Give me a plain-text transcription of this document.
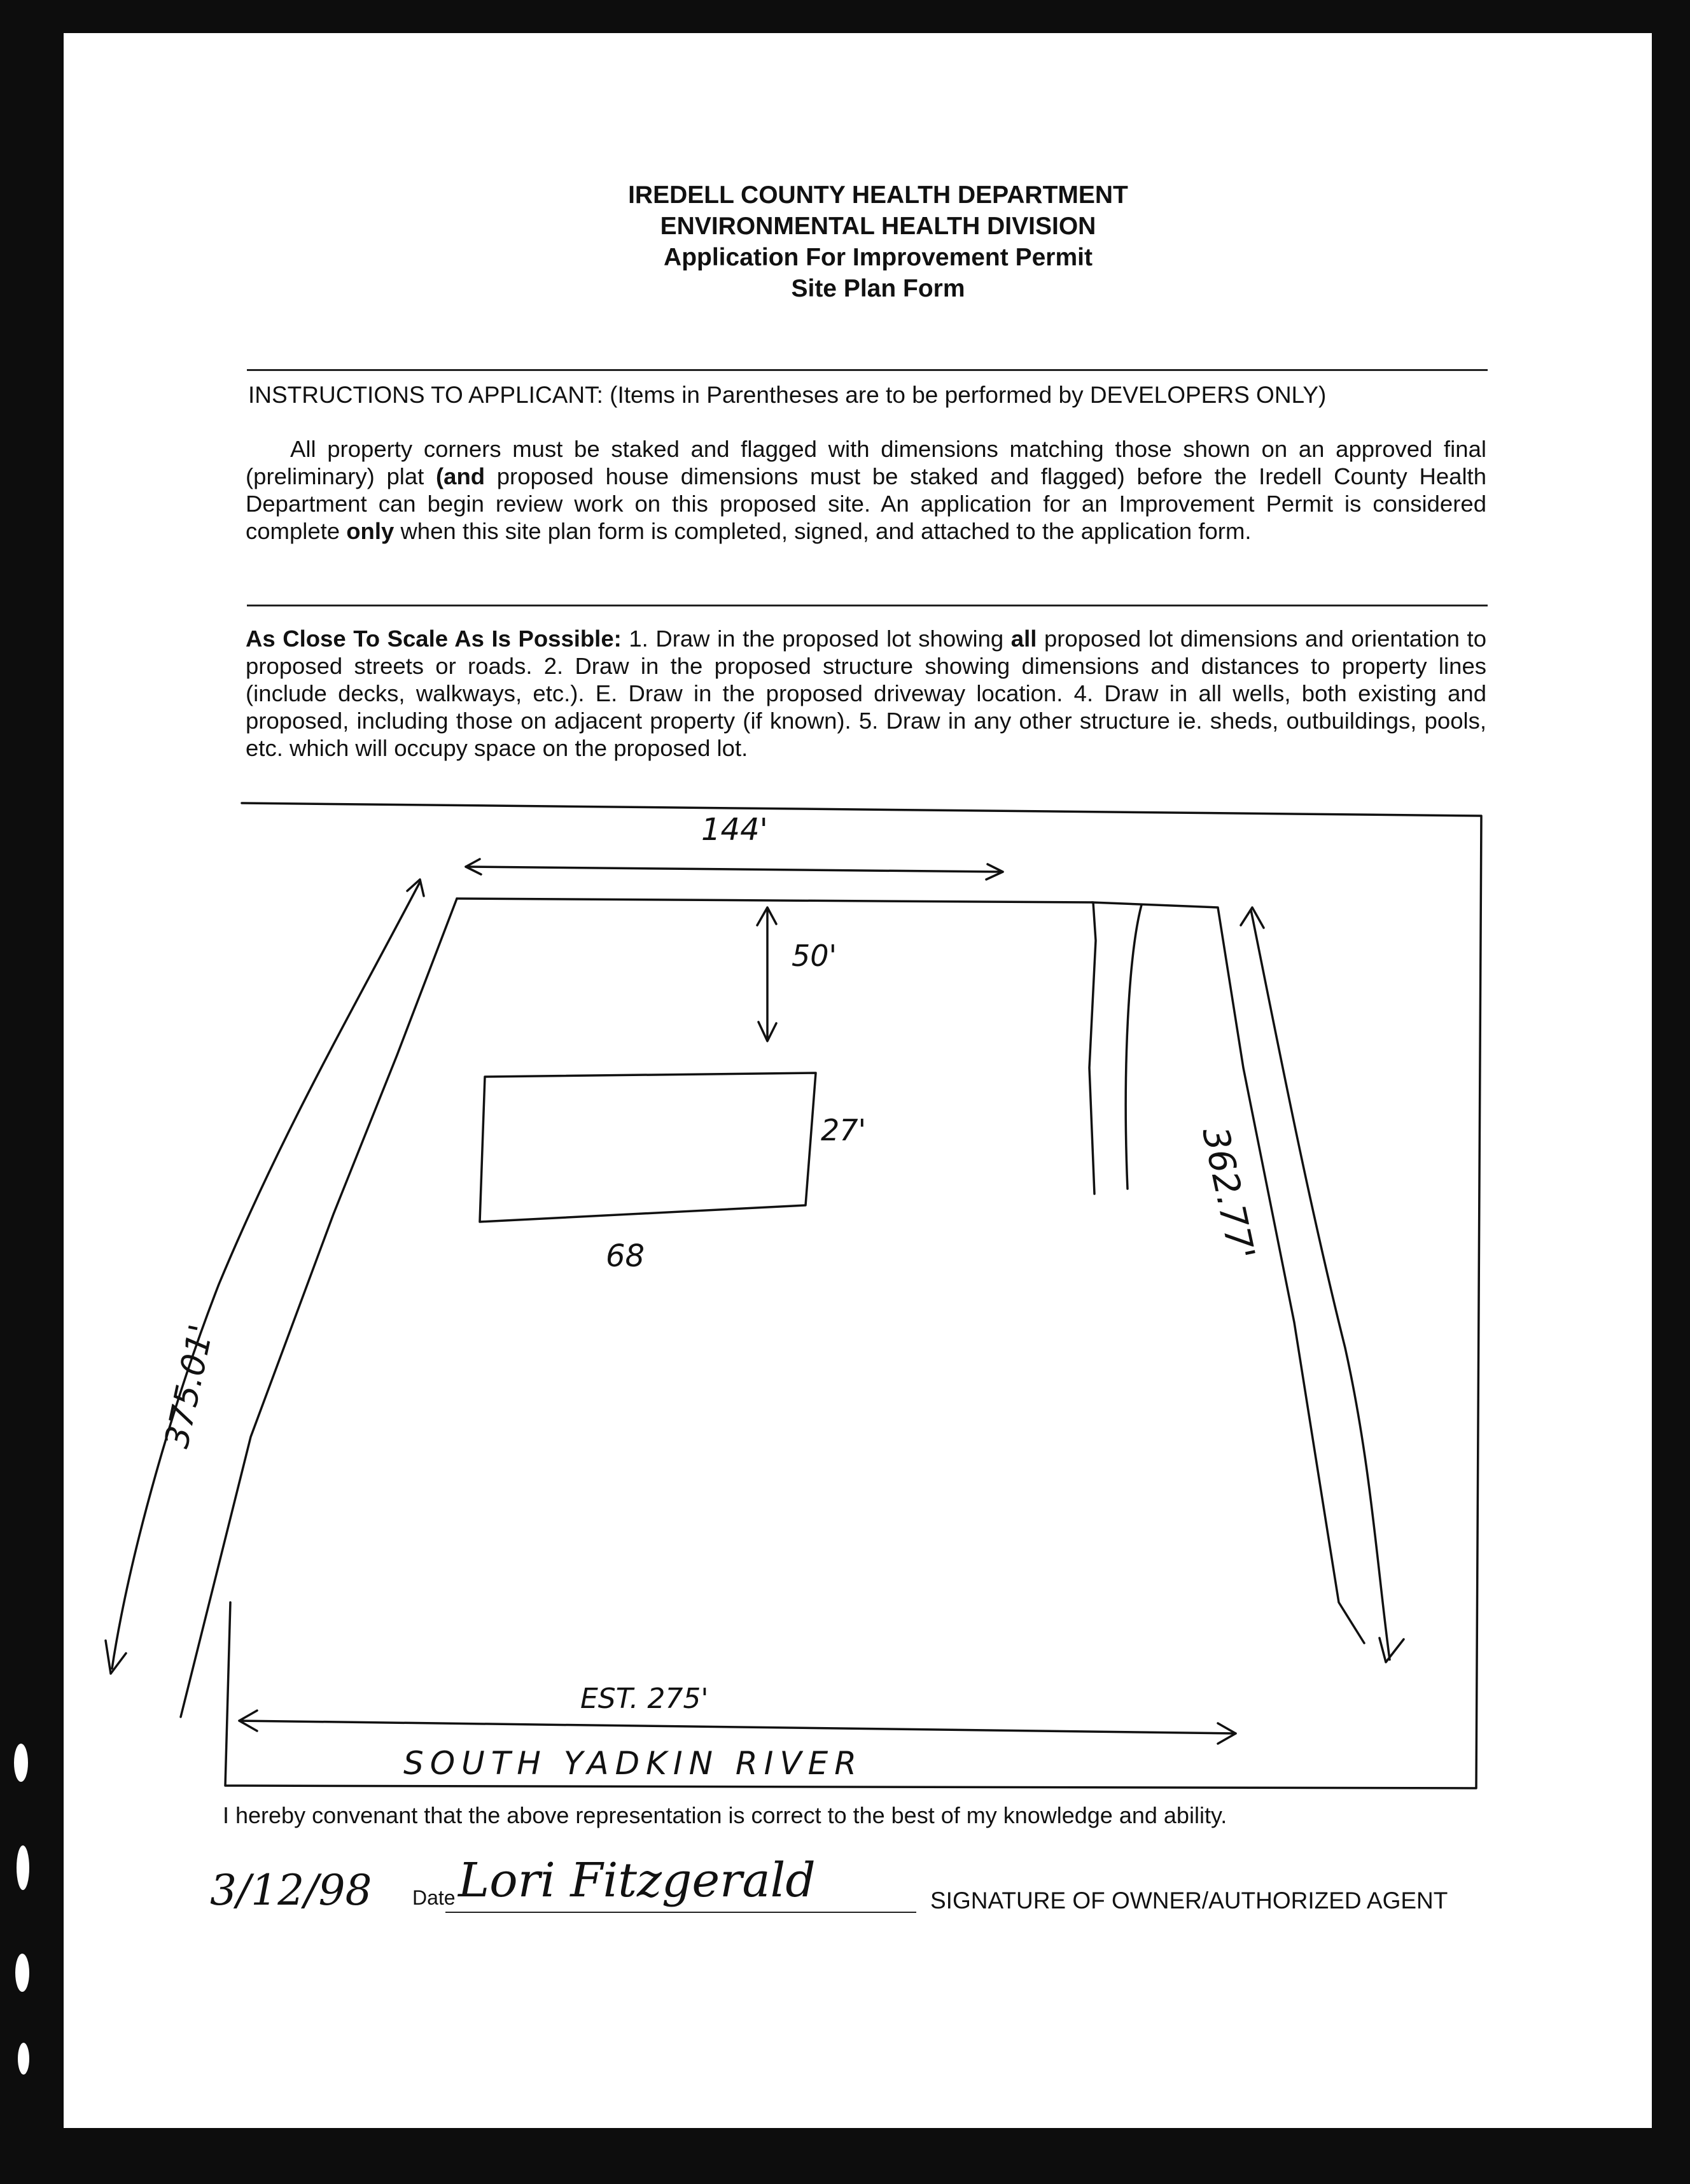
IREDELL COUNTY HEALTH DEPARTMENT
ENVIRONMENTAL HEALTH DIVISION
Application For Improvement Permit
Site Plan Form
INSTRUCTIONS TO APPLICANT: (Items in Parentheses are to be performed by DEVELOPERS ONLY)

All property corners must be staked and flagged with dimensions matching those shown on an approved final (preliminary) plat (and proposed house dimensions must be staked and flagged) before the Iredell County Health Department can begin review work on this proposed site. An application for an Improvement Permit is considered complete only when this site plan form is completed, signed, and attached to the application form.

As Close To Scale As Is Possible: 1. Draw in the proposed lot showing all proposed lot dimensions and orientation to proposed streets or roads. 2. Draw in the proposed structure showing dimensions and distances to property lines (include decks, walkways, etc.). E. Draw in the proposed driveway location. 4. Draw in all wells, both existing and proposed, including those on adjacent property (if known). 5. Draw in any other structure ie. sheds, outbuildings, pools, etc. which will occupy space on the proposed lot.

144'
50'
27'
68
375.01'
362.77'
EST. 275'
SOUTH YADKIN RIVER
I hereby convenant that the above representation is correct to the best of my knowledge and ability.
3/12/98 Date Lori Fitzgerald	SIGNATURE OF OWNER/AUTHORIZED AGENT
